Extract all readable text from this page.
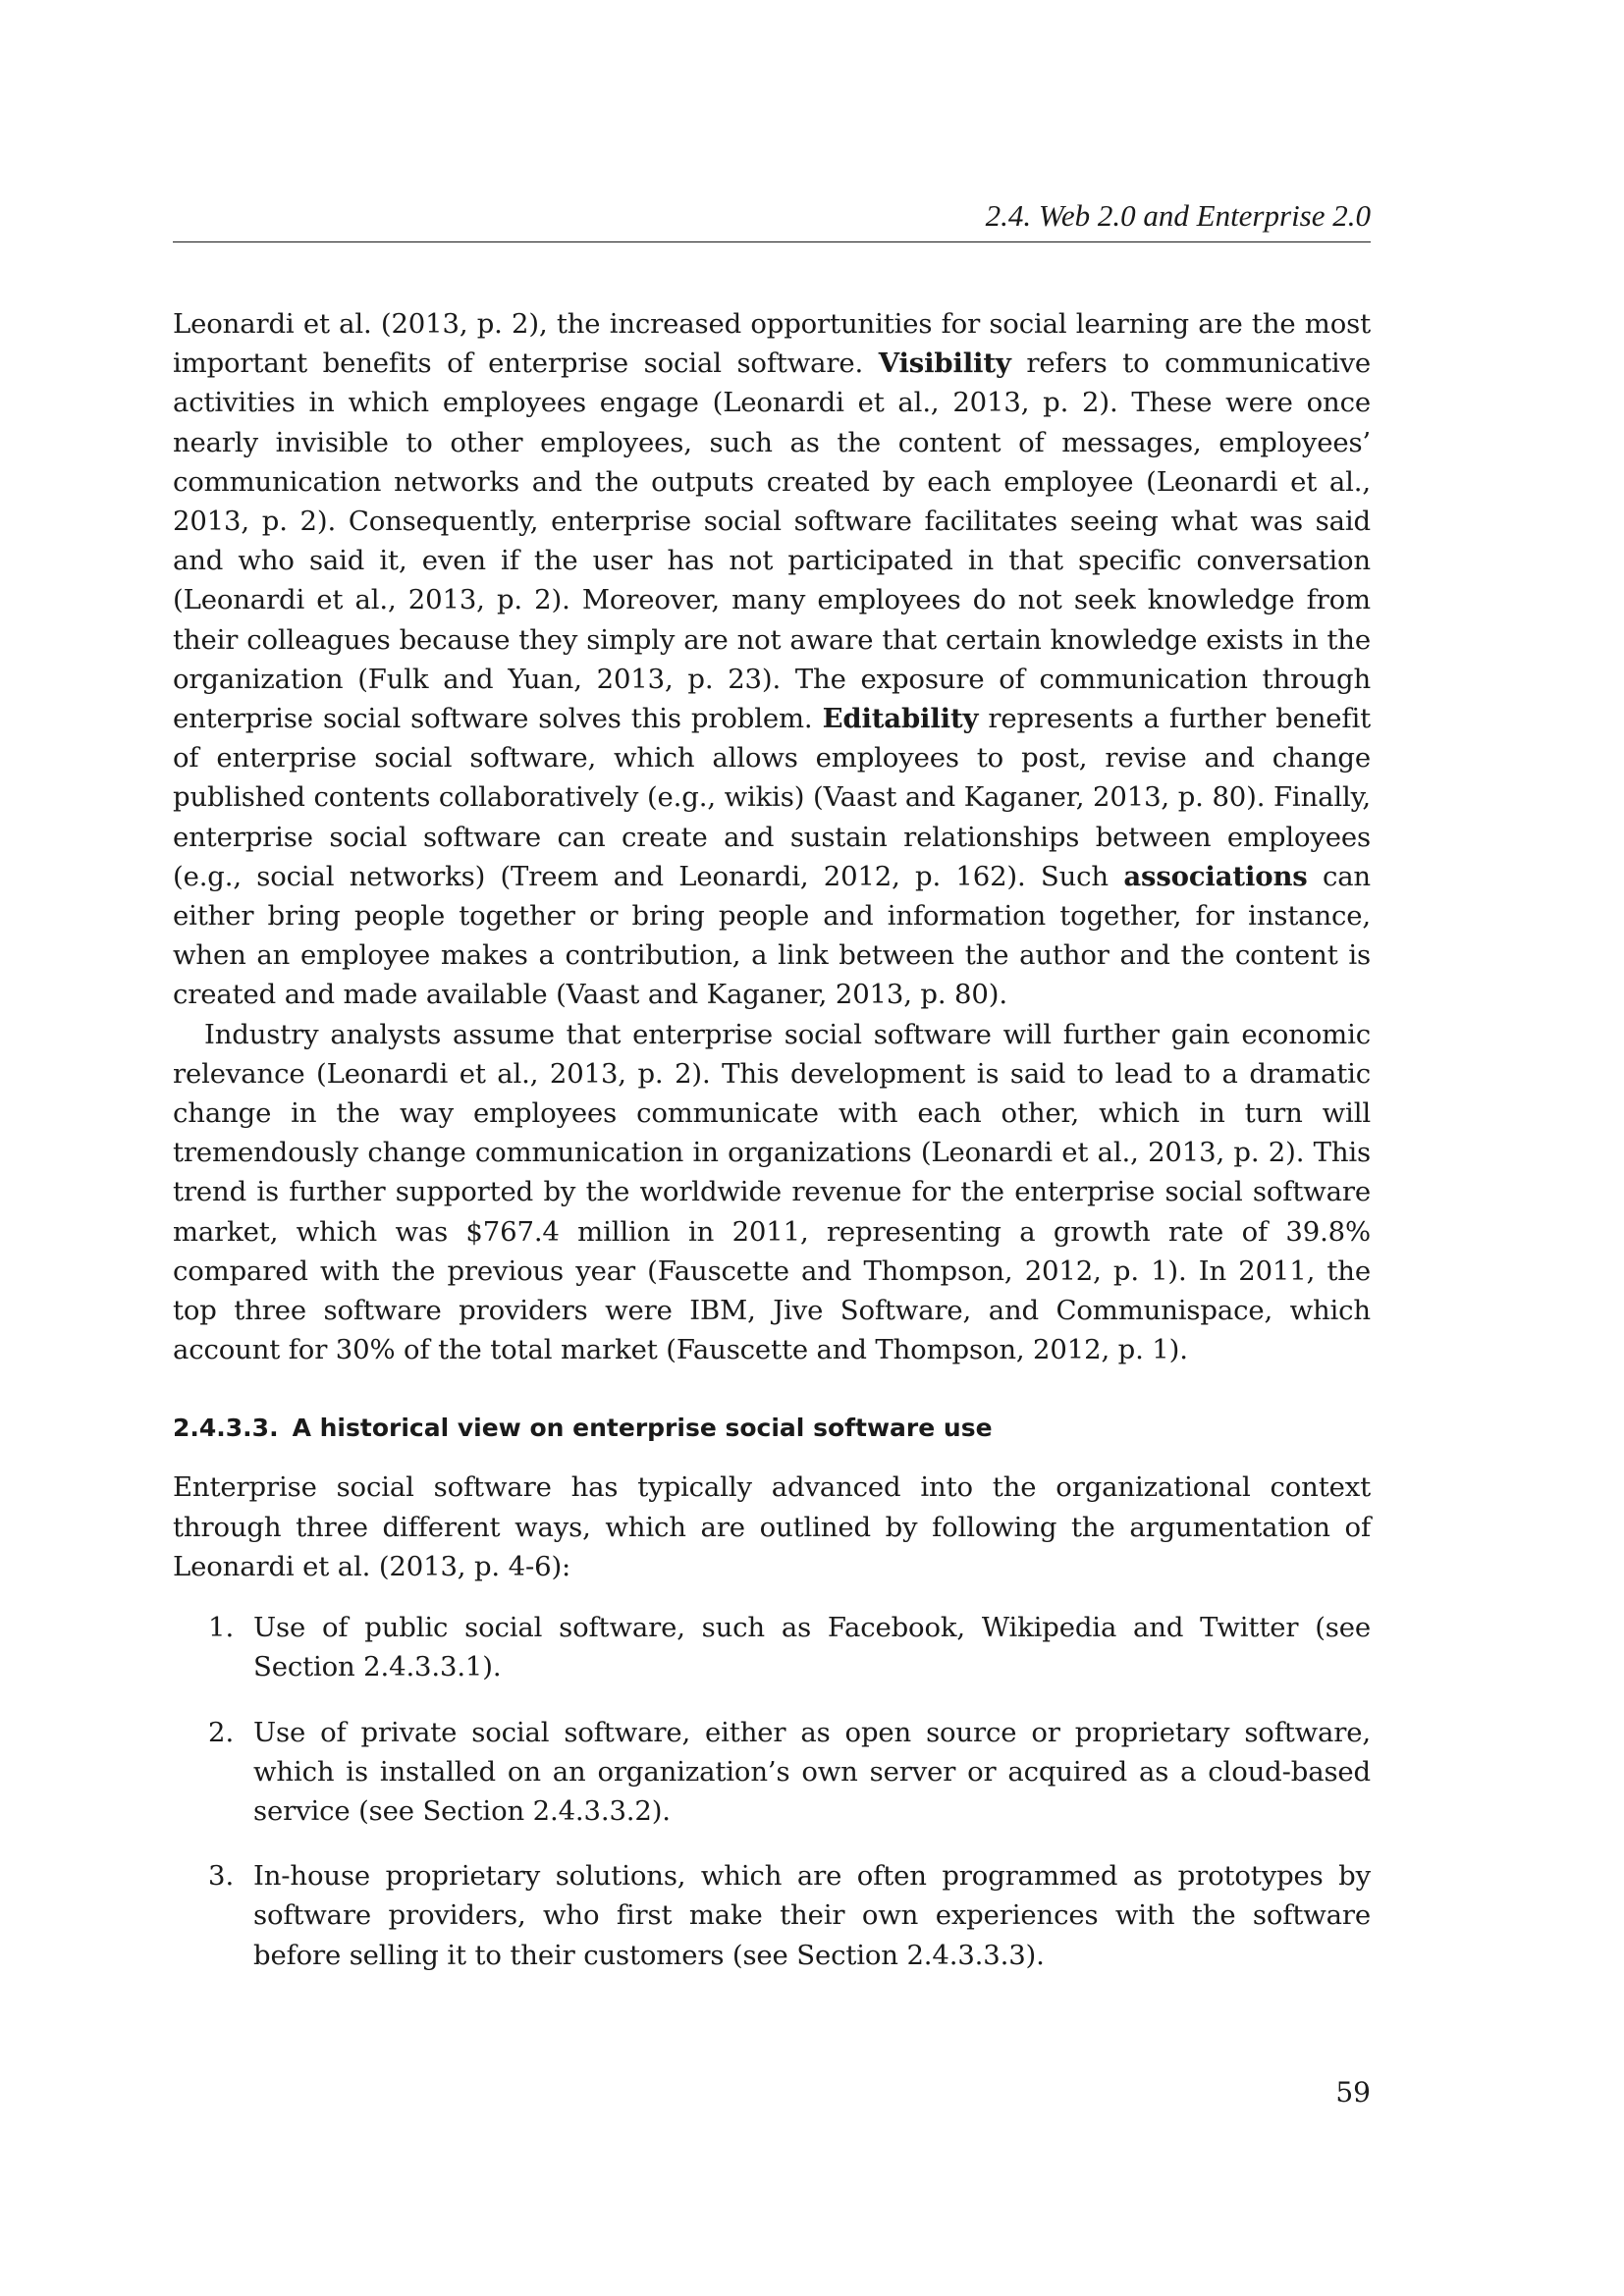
2.4. Web 2.0 and Enterprise 2.0

Leonardi et al. (2013, p. 2), the increased opportunities for social learning are the most important benefits of enterprise social software. Visibility refers to communicative activities in which employees engage (Leonardi et al., 2013, p. 2). These were once nearly invisible to other employees, such as the content of messages, employees’ communication networks and the outputs created by each employee (Leonardi et al., 2013, p. 2). Consequently, enterprise social software facilitates seeing what was said and who said it, even if the user has not participated in that specific conversation (Leonardi et al., 2013, p. 2). Moreover, many employees do not seek knowledge from their colleagues because they simply are not aware that certain knowledge exists in the organization (Fulk and Yuan, 2013, p. 23). The exposure of communication through enterprise social software solves this problem. Editability represents a further benefit of enterprise social software, which allows employees to post, revise and change published contents collaboratively (e.g., wikis) (Vaast and Kaganer, 2013, p. 80). Finally, enterprise social software can create and sustain relationships between employees (e.g., social networks) (Treem and Leonardi, 2012, p. 162). Such associations can either bring people together or bring people and information together, for instance, when an employee makes a contribution, a link between the author and the content is created and made available (Vaast and Kaganer, 2013, p. 80).

Industry analysts assume that enterprise social software will further gain economic relevance (Leonardi et al., 2013, p. 2). This development is said to lead to a dramatic change in the way employees communicate with each other, which in turn will tremendously change communication in organizations (Leonardi et al., 2013, p. 2). This trend is further supported by the worldwide revenue for the enterprise social software market, which was $767.4 million in 2011, representing a growth rate of 39.8% compared with the previous year (Fauscette and Thompson, 2012, p. 1). In 2011, the top three software providers were IBM, Jive Software, and Communispace, which account for 30% of the total market (Fauscette and Thompson, 2012, p. 1).

2.4.3.3. A historical view on enterprise social software use

Enterprise social software has typically advanced into the organizational context through three different ways, which are outlined by following the argumentation of Leonardi et al. (2013, p. 4-6):

1. Use of public social software, such as Facebook, Wikipedia and Twitter (see Section 2.4.3.3.1).

2. Use of private social software, either as open source or proprietary software, which is installed on an organization’s own server or acquired as a cloud-based service (see Section 2.4.3.3.2).

3. In-house proprietary solutions, which are often programmed as prototypes by software providers, who first make their own experiences with the software before selling it to their customers (see Section 2.4.3.3.3).

59
